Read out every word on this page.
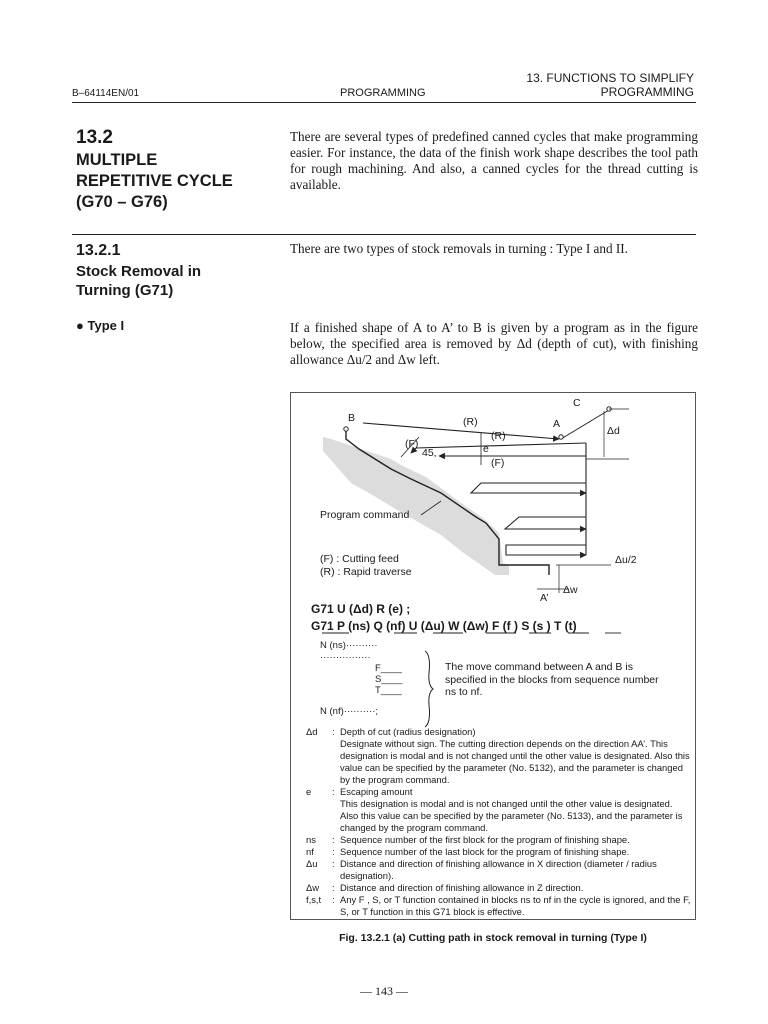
B–64114EN/01	PROGRAMMING
13. FUNCTIONS TO SIMPLIFY
PROGRAMMING
13.2
MULTIPLE
REPETITIVE CYCLE
(G70 – G76)
There are several types of predefined canned cycles that make programming easier. For instance, the data of the finish work shape describes the tool path for rough machining. And also, a canned cycles for the thread cutting is available.
13.2.1
Stock Removal in
Turning (G71)
There are two types of stock removals in turning : Type I and II.
● Type I	If a finished shape of A to A’ to B is given by a program as in the figure below, the specified area is removed by Δd (depth of cut), with finishing allowance Δu/2 and Δw left.
B	(R)	A
C
(R)
(F)
45,	e
(F)
Δd
Program command
(F) : Cutting feed
(R) : Rapid traverse
Δu/2
Δw
A’
G71 U (Δd) R (e) ;
G71 P (ns) Q (nf) U (Δu) W (Δw) F (f ) S (s ) T (t)
N (ns)··········
················
F____
S____
T____
N (nf)··········;
The move command between A and B is specified in the blocks from sequence number ns to nf.
Δd	: Depth of cut (radius designation)
Designate without sign. The cutting direction depends on the direction AA’. This designation is modal and is not changed until the other value is designated. Also this value can be specified by the parameter (No. 5132), and the parameter is changed by the program command.
e	: Escaping amount
This designation is modal and is not changed until the other value is designated. Also this value can be specified by the parameter (No. 5133), and the parameter is changed by the program command.
ns	: Sequence number of the first block for the program of finishing shape.
nf	: Sequence number of the last block for the program of finishing shape.
Δu	: Distance and direction of finishing allowance in X direction (diameter / radius designation).
Δw	: Distance and direction of finishing allowance in Z direction.
f,s,t	: Any F , S, or T function contained in blocks ns to nf in the cycle is ignored, and the F, S, or T function in this G71 block is effective.
Fig. 13.2.1 (a) Cutting path in stock removal in turning (Type I)
— 143 —
